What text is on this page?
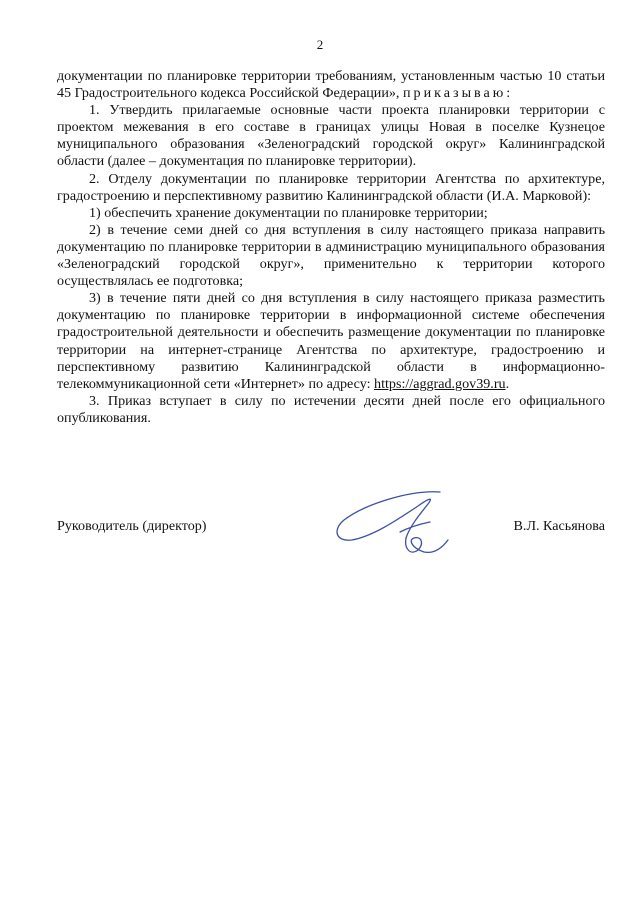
2

документации по планировке территории требованиям, установленным частью 10 статьи 45 Градостроительного кодекса Российской Федерации», приказываю:

1. Утвердить прилагаемые основные части проекта планировки территории с проектом межевания в его составе в границах улицы Новая в поселке Кузнецое муниципального образования «Зеленоградский городской округ» Калининградской области (далее – документация по планировке территории).

2. Отделу документации по планировке территории Агентства по архитектуре, градостроению и перспективному развитию Калининградской области (И.А. Марковой):

1) обеспечить хранение документации по планировке территории;

2) в течение семи дней со дня вступления в силу настоящего приказа направить документацию по планировке территории в администрацию муниципального образования «Зеленоградский городской округ», применительно к территории которого осуществлялась ее подготовка;

3) в течение пяти дней со дня вступления в силу настоящего приказа разместить документацию по планировке территории в информационной системе обеспечения градостроительной деятельности и обеспечить размещение документации по планировке территории на интернет-странице Агентства по архитектуре, градостроению и перспективному развитию Калининградской области в информационно-телекоммуникационной сети «Интернет» по адресу: https://aggrad.gov39.ru.

3. Приказ вступает в силу по истечении десяти дней после его официального опубликования.

Руководитель (директор)	В.Л. Касьянова
